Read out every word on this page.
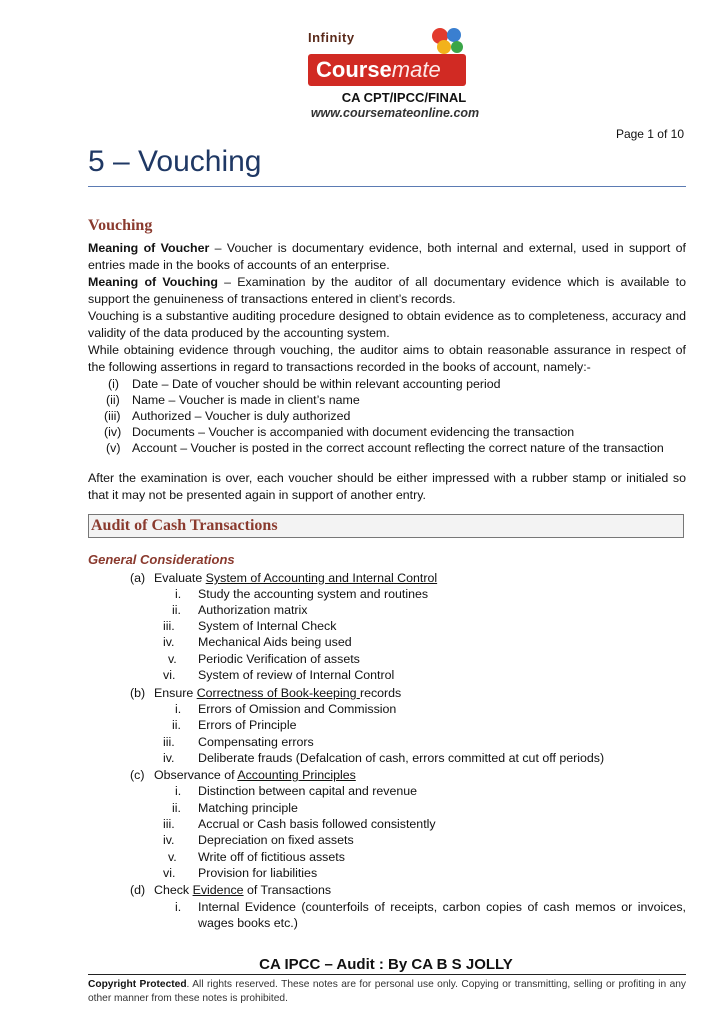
Infinity
Coursemate
CA CPT/IPCC/FINAL
www.coursemateonline.com
Page 1 of 10
5 – Vouching
Vouching
Meaning of Voucher – Voucher is documentary evidence, both internal and external, used in support of
entries made in the books of accounts of an enterprise.
Meaning of Vouching – Examination by the auditor of all documentary evidence which is available to
support the genuineness of transactions entered in client’s records.
Vouching is a substantive auditing procedure designed to obtain evidence as to completeness, accuracy and
validity of the data produced by the accounting system.
While obtaining evidence through vouching, the auditor aims to obtain reasonable assurance in respect of
the following assertions in regard to transactions recorded in the books of account, namely:-
(i) Date – Date of voucher should be within relevant accounting period
(ii) Name – Voucher is made in client’s name
(iii) Authorized – Voucher is duly authorized
(iv) Documents – Voucher is accompanied with document evidencing the transaction
(v) Account – Voucher is posted in the correct account reflecting the correct nature of the transaction
After the examination is over, each voucher should be either impressed with a rubber stamp or initialed so
that it may not be presented again in support of another entry.
Audit of Cash Transactions
General Considerations
(a) Evaluate System of Accounting and Internal Control
i. Study the accounting system and routines
ii. Authorization matrix
iii. System of Internal Check
iv. Mechanical Aids being used
v. Periodic Verification of assets
vi. System of review of Internal Control
(b) Ensure Correctness of Book-keeping records
i. Errors of Omission and Commission
ii. Errors of Principle
iii. Compensating errors
iv. Deliberate frauds (Defalcation of cash, errors committed at cut off periods)
(c) Observance of Accounting Principles
i. Distinction between capital and revenue
ii. Matching principle
iii. Accrual or Cash basis followed consistently
iv. Depreciation on fixed assets
v. Write off of fictitious assets
vi. Provision for liabilities
(d) Check Evidence of Transactions
i. Internal Evidence (counterfoils of receipts, carbon copies of cash memos or invoices,
wages books etc.)
CA IPCC – Audit : By CA B S JOLLY
Copyright Protected. All rights reserved. These notes are for personal use only. Copying or transmitting, selling or profiting in any
other manner from these notes is prohibited.
